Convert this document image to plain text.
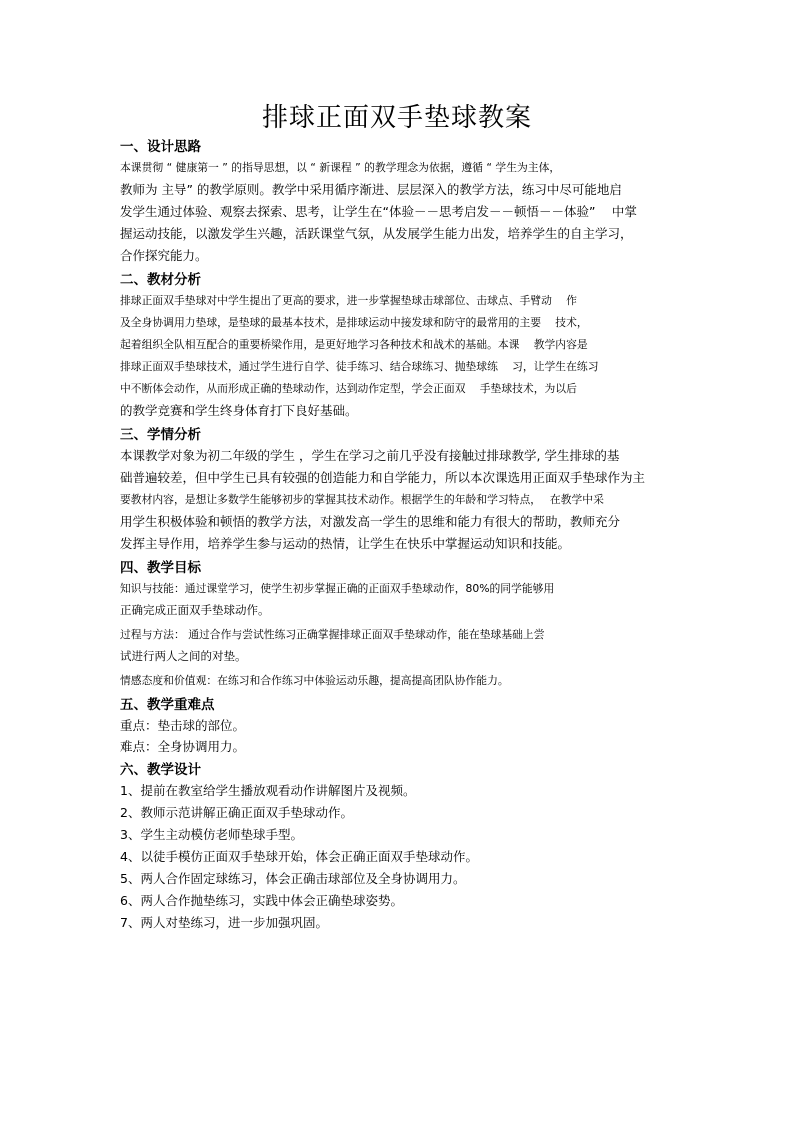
排球正面双手垫球教案
一、设计思路
本课贯彻 “ 健康第一 ” 的指导思想，以 “ 新课程 ” 的教学理念为依据，遵循 “ 学生为主体，
教师为 主导” 的教学原则。教学中采用循序渐进、层层深入的教学方法，练习中尽可能地启
发学生通过体验、观察去探索、思考，让学生在“体验－－思考启发－－顿悟－－体验”　 中掌
握运动技能，以激发学生兴趣，活跃课堂气氛，从发展学生能力出发，培养学生的自主学习，
合作探究能力。
二、教材分析
排球正面双手垫球对中学生提出了更高的要求，进一步掌握垫球击球部位、击球点、手臂动　 作
及全身协调用力垫球，是垫球的最基本技术，是排球运动中接发球和防守的最常用的主要　 技术，
起着组织全队相互配合的重要桥梁作用，是更好地学习各种技术和战术的基础。本课　 教学内容是
排球正面双手垫球技术，通过学生进行自学、徒手练习、结合球练习、抛垫球练　 习，让学生在练习
中不断体会动作，从而形成正确的垫球动作，达到动作定型，学会正面双　 手垫球技术，为以后
的教学竞赛和学生终身体育打下良好基础。
三、学情分析
本课教学对象为初二年级的学生 ，学生在学习之前几乎没有接触过排球教学, 学生排球的基
础普遍较差，但中学生已具有较强的创造能力和自学能力，所以本次课选用正面双手垫球作为主
要教材内容，是想让多数学生能够初步的掌握其技术动作。根据学生的年龄和学习特点，　 在教学中采
用学生积极体验和顿悟的教学方法，对激发高一学生的思维和能力有很大的帮助，教师充分
发挥主导作用，培养学生参与运动的热情，让学生在快乐中掌握运动知识和技能。
四、教学目标
知识与技能：通过课堂学习，使学生初步掌握正确的正面双手垫球动作，80%的同学能够用
正确完成正面双手垫球动作。
过程与方法： 通过合作与尝试性练习正确掌握排球正面双手垫球动作，能在垫球基础上尝
试进行两人之间的对垫。
情感态度和价值观：在练习和合作练习中体验运动乐趣，提高提高团队协作能力。
五、教学重难点
重点：垫击球的部位。
难点：全身协调用力。
六、教学设计
1、提前在教室给学生播放观看动作讲解图片及视频。
2、教师示范讲解正确正面双手垫球动作。
3、学生主动模仿老师垫球手型。
4、以徒手模仿正面双手垫球开始，体会正确正面双手垫球动作。
5、两人合作固定球练习，体会正确击球部位及全身协调用力。
6、两人合作抛垫练习，实践中体会正确垫球姿势。
7、两人对垫练习，进一步加强巩固。
